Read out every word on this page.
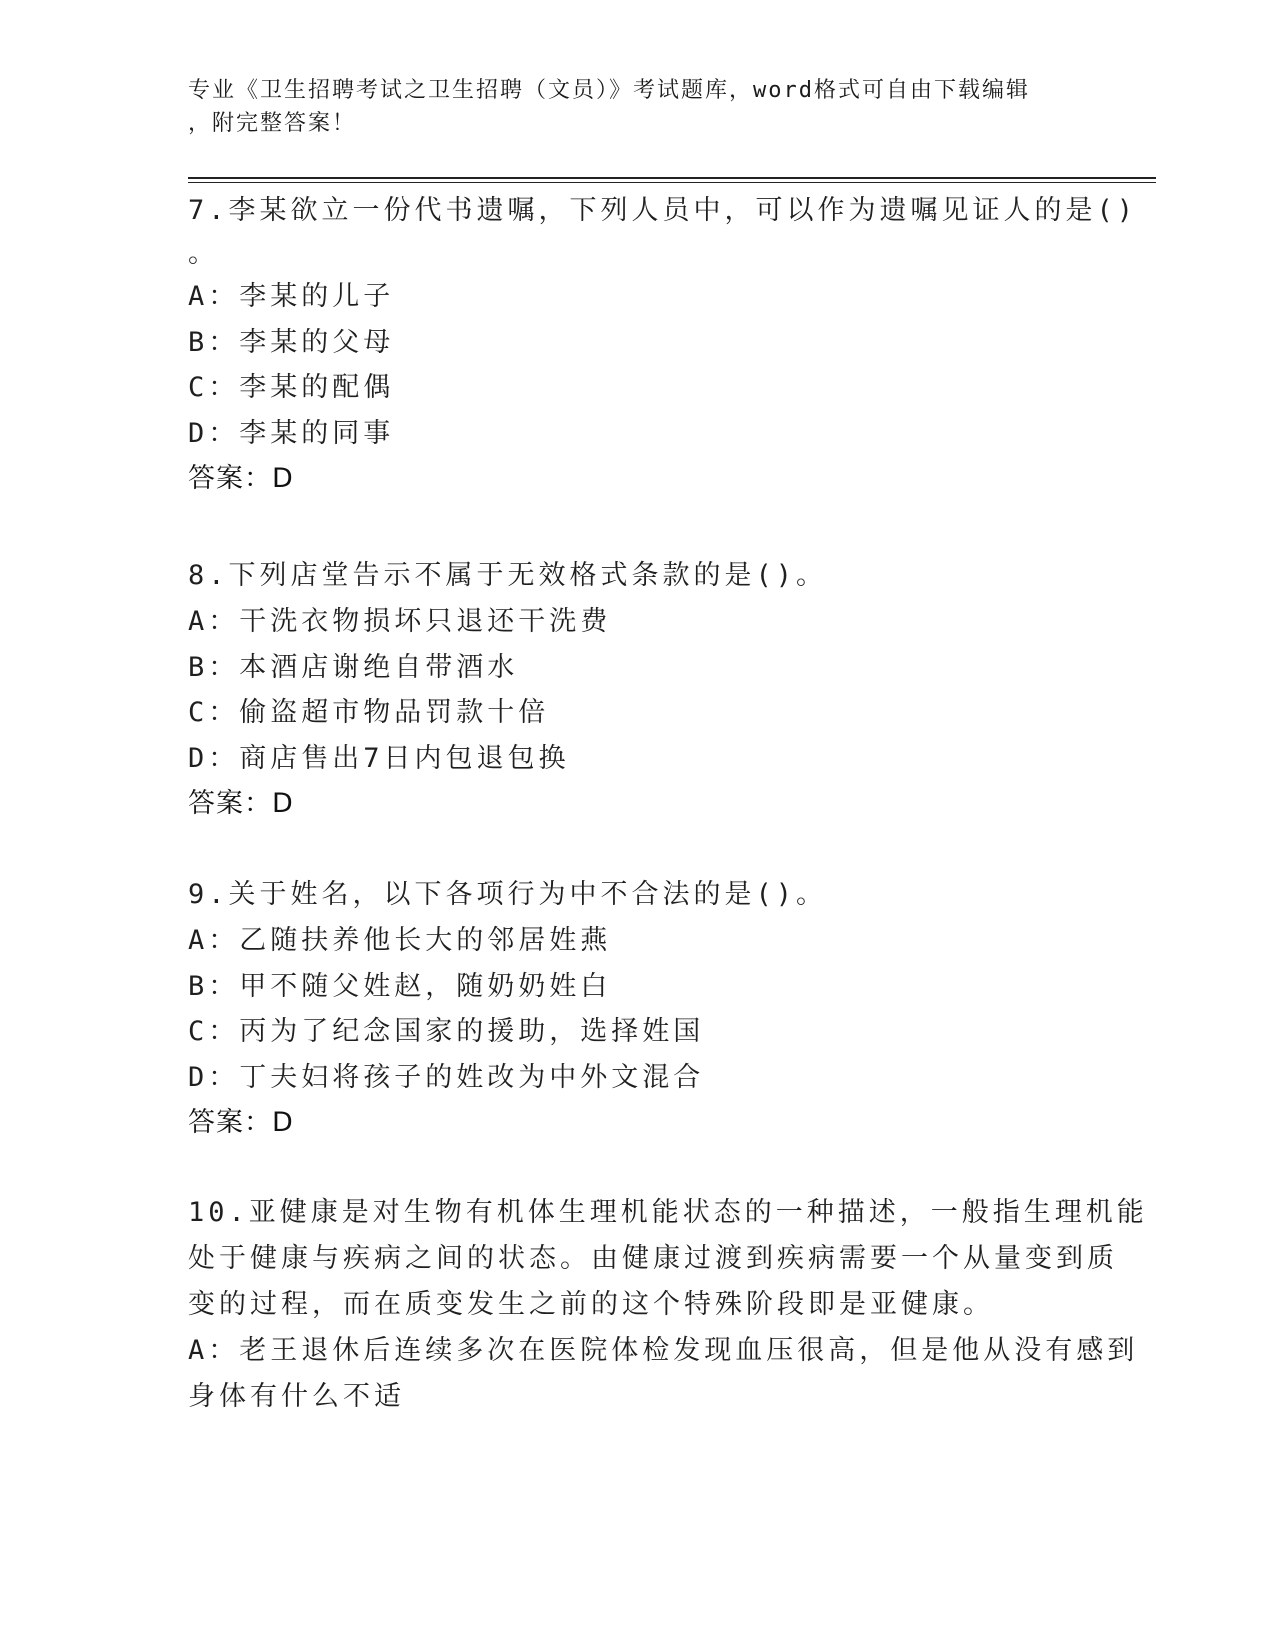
专业《卫生招聘考试之卫生招聘（文员）》考试题库，word格式可自由下载编辑
，附完整答案！
7.李某欲立一份代书遗嘱，下列人员中，可以作为遗嘱见证人的是()
。
A：李某的儿子
B：李某的父母
C：李某的配偶
D：李某的同事
答案：D
8.下列店堂告示不属于无效格式条款的是()。
A：干洗衣物损坏只退还干洗费
B：本酒店谢绝自带酒水
C：偷盗超市物品罚款十倍
D：商店售出7日内包退包换
答案：D
9.关于姓名，以下各项行为中不合法的是()。
A：乙随扶养他长大的邻居姓燕
B：甲不随父姓赵，随奶奶姓白
C：丙为了纪念国家的援助，选择姓国
D：丁夫妇将孩子的姓改为中外文混合
答案：D
10.亚健康是对生物有机体生理机能状态的一种描述，一般指生理机能
处于健康与疾病之间的状态。由健康过渡到疾病需要一个从量变到质
变的过程，而在质变发生之前的这个特殊阶段即是亚健康。
A：老王退休后连续多次在医院体检发现血压很高，但是他从没有感到
身体有什么不适
